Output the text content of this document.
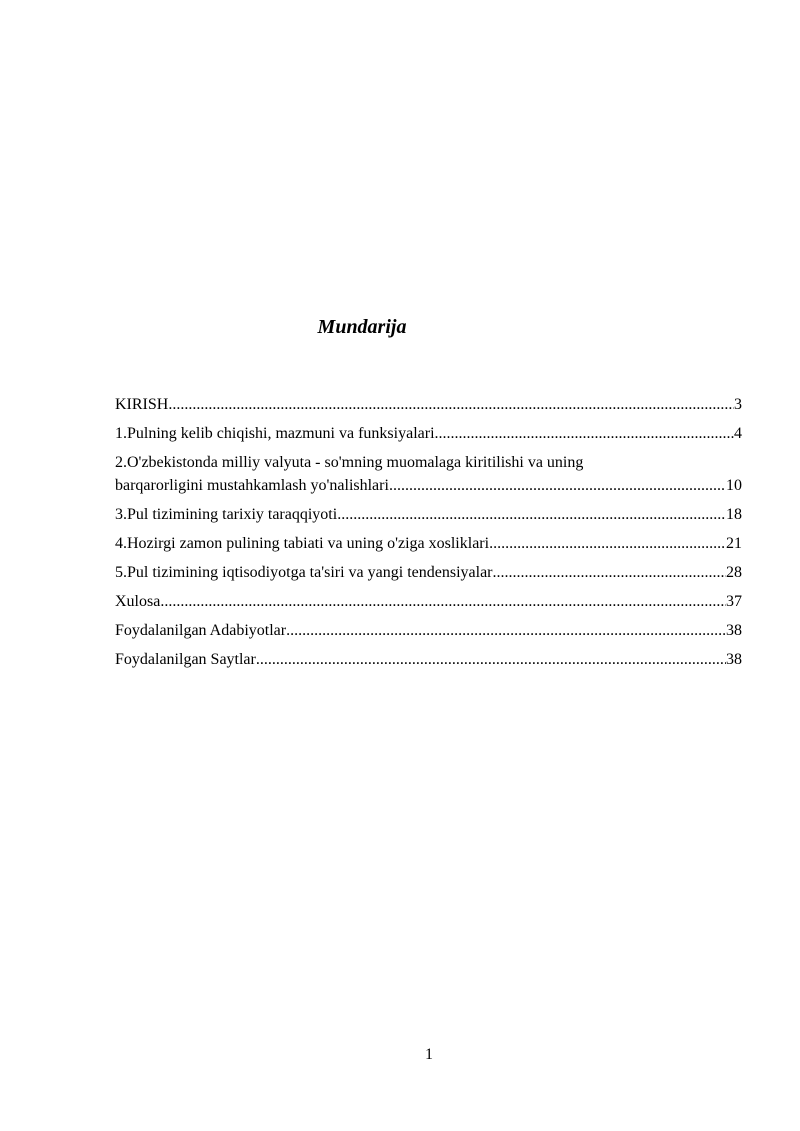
Mundarija
KIRISH .....	3
1.Pulning kelib chiqishi, mazmuni va funksiyalari .....	4
2.O'zbekistonda milliy valyuta - so'mning muomalaga kiritilishi va uning
barqarorligini mustahkamlash yo'nalishlari .....	10
3.Pul tizimining tarixiy taraqqiyoti .....	18
4.Hozirgi zamon pulining tabiati va uning o'ziga xosliklari .....	21
5.Pul tizimining iqtisodiyotga ta'siri va yangi tendensiyalar .....	28
Xulosa .....	37
Foydalanilgan Adabiyotlar .....	38
Foydalanilgan Saytlar .....	38
1
